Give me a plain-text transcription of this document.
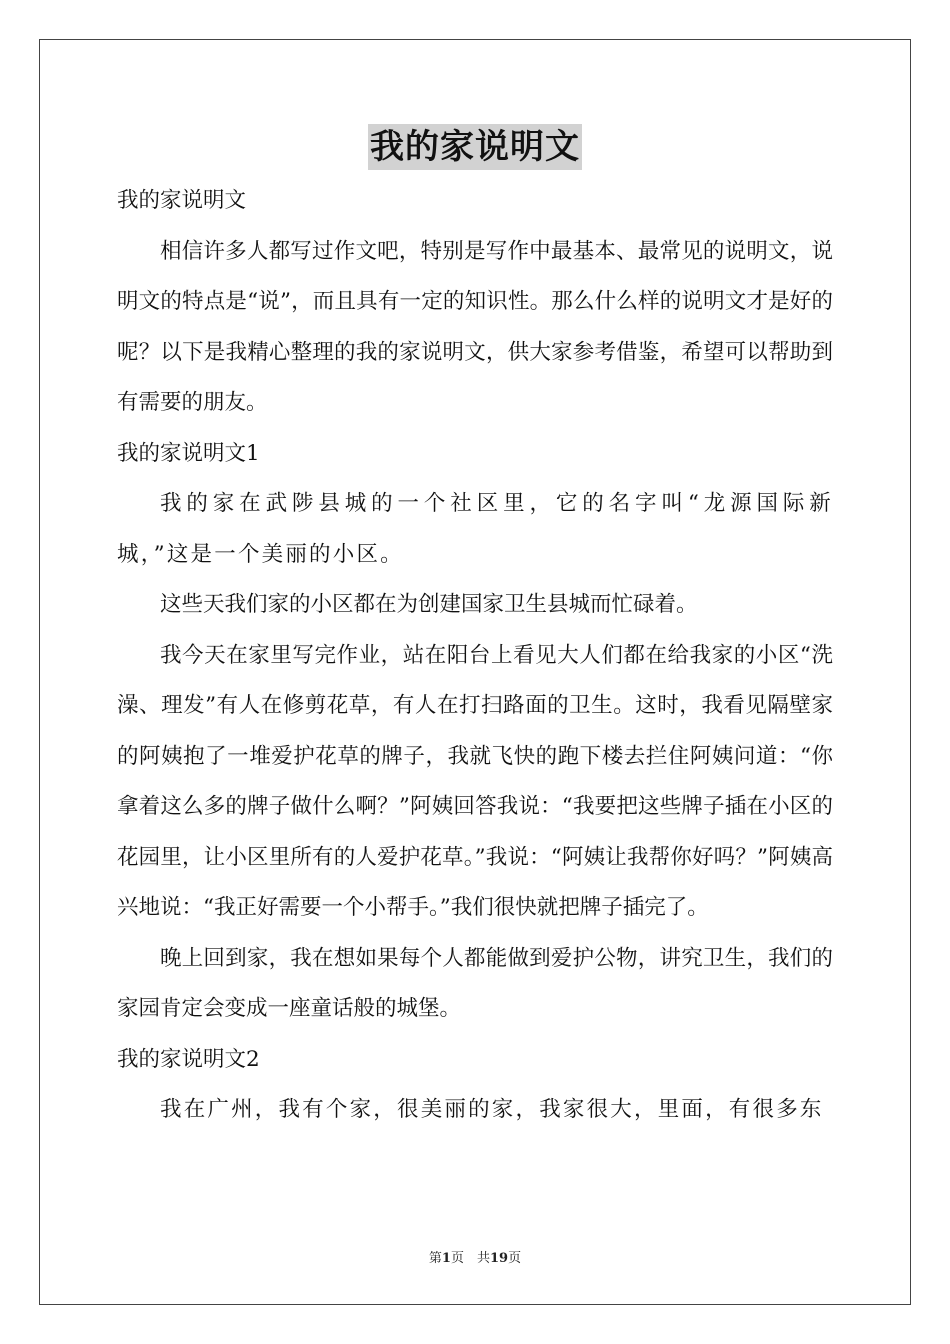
我的家说明文

我的家说明文

相信许多人都写过作文吧，特别是写作中最基本、最常见的说明文，说明文的特点是“说”，而且具有一定的知识性。那么什么样的说明文才是好的呢？以下是我精心整理的我的家说明文，供大家参考借鉴，希望可以帮助到有需要的朋友。

我的家说明文1

我的家在武陟县城的一个社区里，它的名字叫“龙源国际新城，”这是一个美丽的小区。

这些天我们家的小区都在为创建国家卫生县城而忙碌着。

我今天在家里写完作业，站在阳台上看见大人们都在给我家的小区“洗澡、理发”有人在修剪花草，有人在打扫路面的卫生。这时，我看见隔壁家的阿姨抱了一堆爱护花草的牌子，我就飞快的跑下楼去拦住阿姨问道：“你拿着这么多的牌子做什么啊？”阿姨回答我说：“我要把这些牌子插在小区的花园里，让小区里所有的人爱护花草。”我说：“阿姨让我帮你好吗？”阿姨高兴地说：“我正好需要一个小帮手。”我们很快就把牌子插完了。

晚上回到家，我在想如果每个人都能做到爱护公物，讲究卫生，我们的家园肯定会变成一座童话般的城堡。

我的家说明文2

我在广州，我有个家，很美丽的家，我家很大，里面，有很多东

第1页　共19页
